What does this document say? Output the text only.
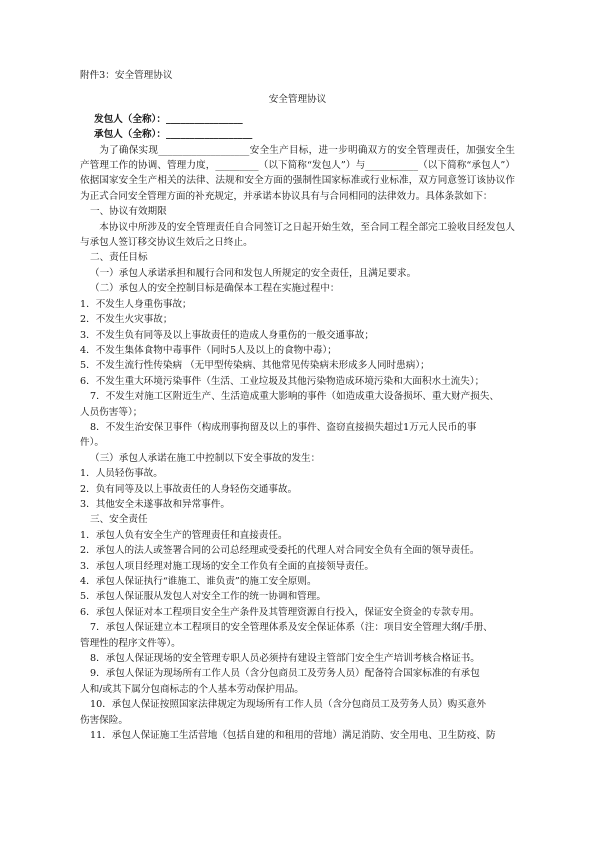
附件3：安全管理协议
安全管理协议
发包人（全称）：________________
承包人（全称）：__________________
为了确保实现___________________安全生产目标，进一步明确双方的安全管理责任，加强安全生产管理工作的协调、管理力度，_________（以下简称“发包人”）与___________（以下简称“承包人”）依据国家安全生产相关的法律、法规和安全方面的强制性国家标准或行业标准，双方同意签订该协议作为正式合同安全管理方面的补充规定，并承诺本协议具有与合同相同的法律效力。具体条款如下：
一、协议有效期限
本协议中所涉及的安全管理责任自合同签订之日起开始生效，至合同工程全部完工验收目经发包人与承包人签订移交协议生效后之日终止。
二、责任目标
（一）承包人承诺承担和履行合同和发包人所规定的安全责任，且满足要求。
（二）承包人的安全控制目标是确保本工程在实施过程中：
1．不发生人身重伤事故；
2．不发生火灾事故；
3．不发生负有同等及以上事故责任的造成人身重伤的一般交通事故；
4．不发生集体食物中毒事件（同时5人及以上的食物中毒）；
5．不发生流行性传染病 （无甲型传染病、其他常见传染病未形成多人同时患病）；
6．不发生重大环境污染事件（生活、工业垃圾及其他污染物造成环境污染和大面积水土流失）；
7．不发生对施工区附近生产、生活造成重大影响的事件（如造成重大设备损坏、重大财产损失、
人员伤害等）；
8．不发生治安保卫事件（构成刑事拘留及以上的事件、盗窃直接损失超过1万元人民币的事
件）。
（三）承包人承诺在施工中控制以下安全事故的发生：
1．人员轻伤事故。
2．负有同等及以上事故责任的人身轻伤交通事故。
3．其他安全未遂事故和异常事件。
三、安全责任
1．承包人负有安全生产的管理责任和直接责任。
2．承包人的法人或签署合同的公司总经理或受委托的代理人对合同安全负有全面的领导责任。
3．承包人项目经理对施工现场的安全工作负有全面的直接领导责任。
4．承包人保证执行“谁施工、谁负责”的施工安全原则。
5．承包人保证服从发包人对安全工作的统一协调和管理。
6．承包人保证对本工程项目安全生产条件及其管理资源自行投入，保证安全资金的专款专用。
7．承包人保证建立本工程项目的安全管理体系及安全保证体系（注：项目安全管理大纲/手册、
管理性的程序文件等）。
8．承包人保证现场的安全管理专职人员必须持有建设主管部门安全生产培训考核合格证书。
9．承包人保证为现场所有工作人员（含分包商员工及劳务人员）配备符合国家标准的有承包
人和/或其下属分包商标志的个人基本劳动保护用品。
10．承包人保证按照国家法律规定为现场所有工作人员（含分包商员工及劳务人员）购买意外
伤害保险。
11．承包人保证施工生活营地（包括自建的和租用的营地）满足消防、安全用电、卫生防疫、防
